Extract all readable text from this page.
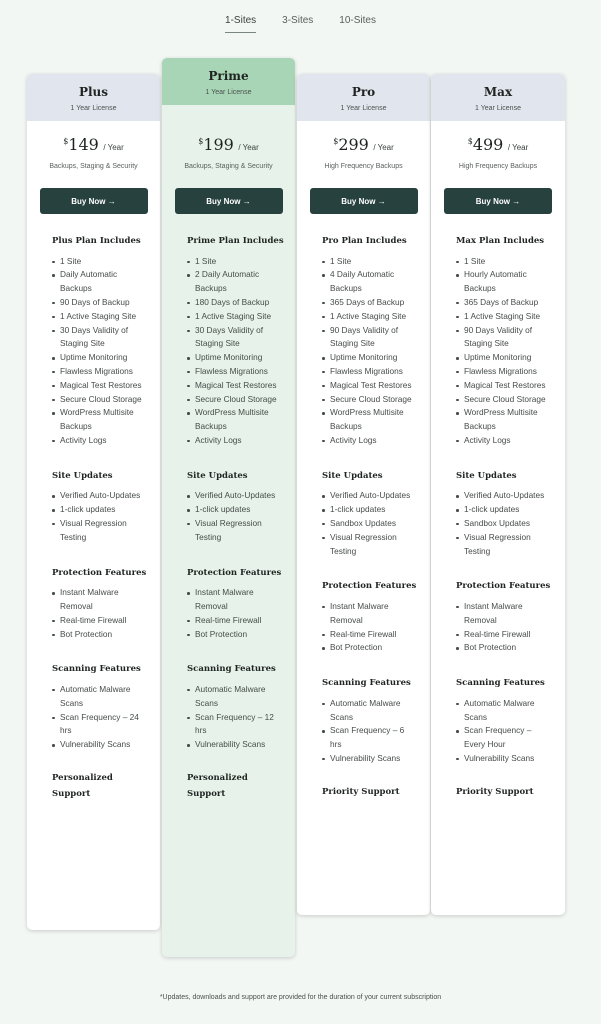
1-Sites	3-Sites	10-Sites
Plus
1 Year License
$149 / Year
Backups, Staging & Security
Buy Now →
Plus Plan Includes
1 Site
Daily Automatic Backups
90 Days of Backup
1 Active Staging Site
30 Days Validity of Staging Site
Uptime Monitoring
Flawless Migrations
Magical Test Restores
Secure Cloud Storage
WordPress Multisite Backups
Activity Logs
Site Updates
Verified Auto-Updates
1-click updates
Visual Regression Testing
Protection Features
Instant Malware Removal
Real-time Firewall
Bot Protection
Scanning Features
Automatic Malware Scans
Scan Frequency – 24 hrs
Vulnerability Scans
Personalized Support
Prime
1 Year License
$199 / Year
Backups, Staging & Security
Buy Now →
Prime Plan Includes
1 Site
2 Daily Automatic Backups
180 Days of Backup
1 Active Staging Site
30 Days Validity of Staging Site
Uptime Monitoring
Flawless Migrations
Magical Test Restores
Secure Cloud Storage
WordPress Multisite Backups
Activity Logs
Site Updates
Verified Auto-Updates
1-click updates
Visual Regression Testing
Protection Features
Instant Malware Removal
Real-time Firewall
Bot Protection
Scanning Features
Automatic Malware Scans
Scan Frequency – 12 hrs
Vulnerability Scans
Personalized Support
Pro
1 Year License
$299 / Year
High Frequency Backups
Buy Now →
Pro Plan Includes
1 Site
4 Daily Automatic Backups
365 Days of Backup
1 Active Staging Site
90 Days Validity of Staging Site
Uptime Monitoring
Flawless Migrations
Magical Test Restores
Secure Cloud Storage
WordPress Multisite Backups
Activity Logs
Site Updates
Verified Auto-Updates
1-click updates
Sandbox Updates
Visual Regression Testing
Protection Features
Instant Malware Removal
Real-time Firewall
Bot Protection
Scanning Features
Automatic Malware Scans
Scan Frequency – 6 hrs
Vulnerability Scans
Priority Support
Max
1 Year License
$499 / Year
High Frequency Backups
Buy Now →
Max Plan Includes
1 Site
Hourly Automatic Backups
365 Days of Backup
1 Active Staging Site
90 Days Validity of Staging Site
Uptime Monitoring
Flawless Migrations
Magical Test Restores
Secure Cloud Storage
WordPress Multisite Backups
Activity Logs
Site Updates
Verified Auto-Updates
1-click updates
Sandbox Updates
Visual Regression Testing
Protection Features
Instant Malware Removal
Real-time Firewall
Bot Protection
Scanning Features
Automatic Malware Scans
Scan Frequency – Every Hour
Vulnerability Scans
Priority Support
*Updates, downloads and support are provided for the duration of your current subscription
